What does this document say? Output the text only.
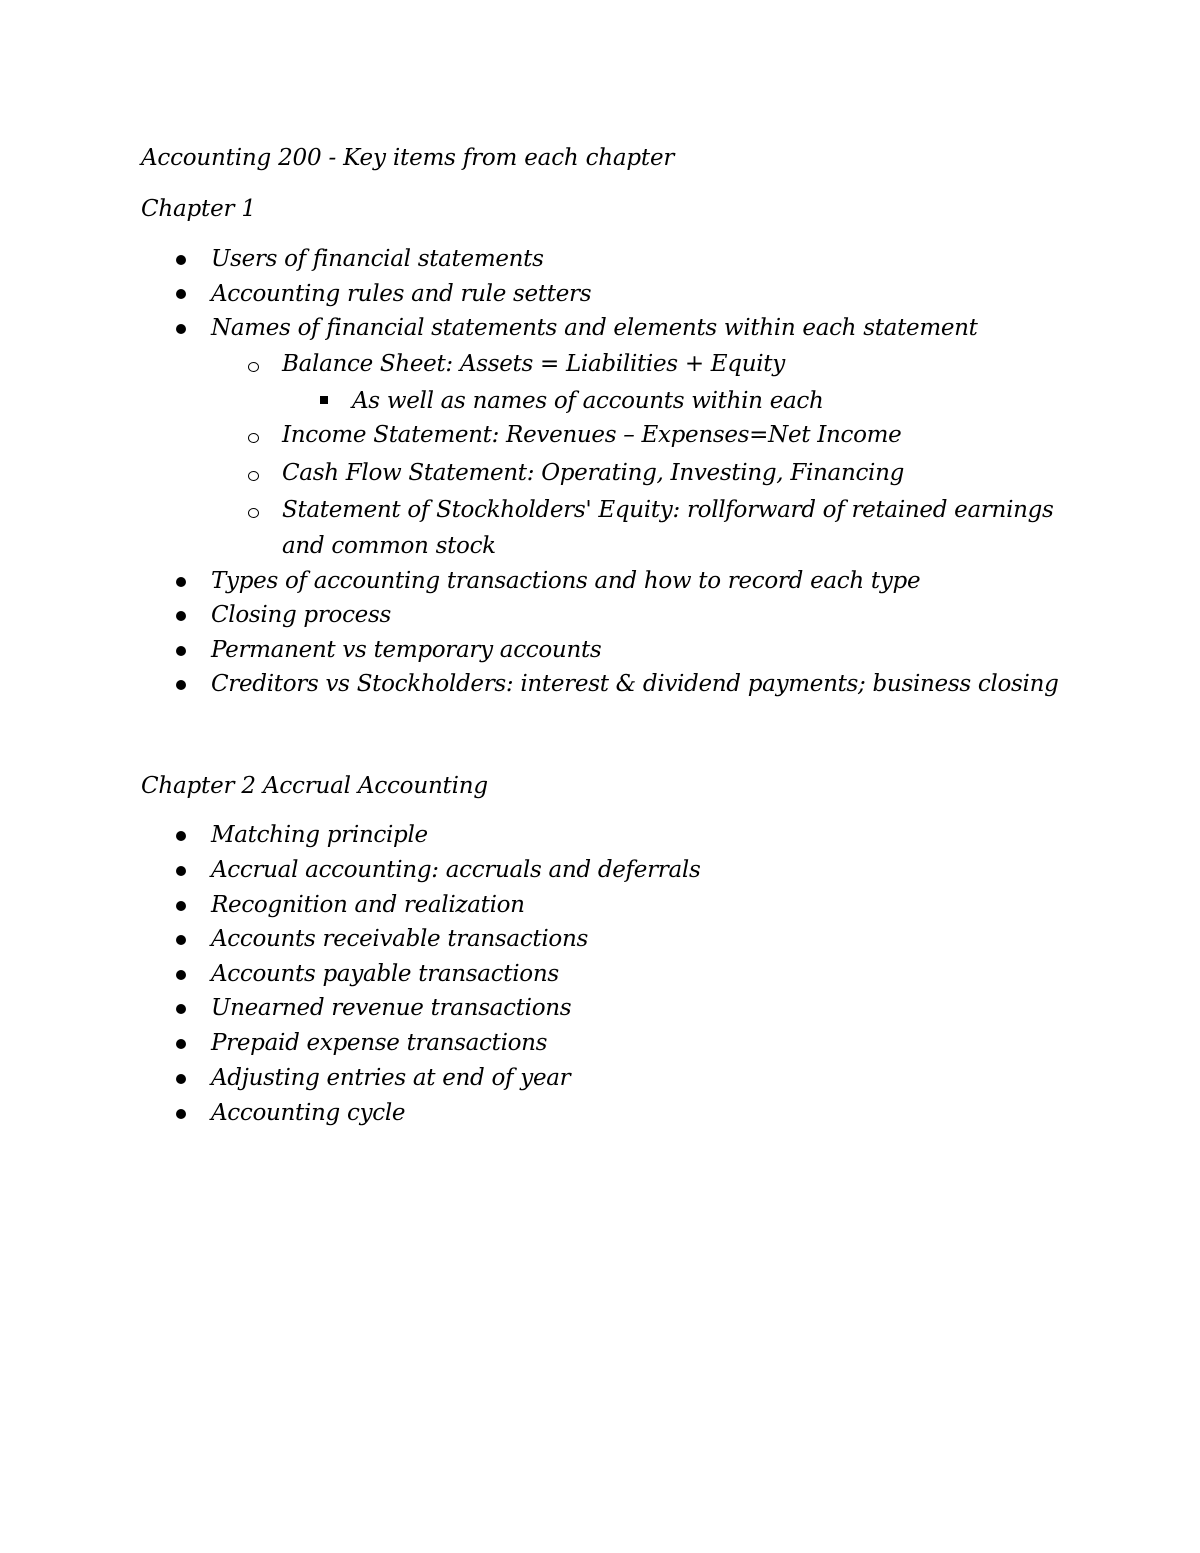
Accounting 200 - Key items from each chapter
Chapter 1
Users of financial statements
Accounting rules and rule setters
Names of financial statements and elements within each statement
Balance Sheet: Assets = Liabilities + Equity
As well as names of accounts within each
Income Statement: Revenues – Expenses=Net Income
Cash Flow Statement: Operating, Investing, Financing
Statement of Stockholders' Equity: rollforward of retained earnings
and common stock
Types of accounting transactions and how to record each type
Closing process
Permanent vs temporary accounts
Creditors vs Stockholders: interest & dividend payments; business closing
Chapter 2 Accrual Accounting
Matching principle
Accrual accounting: accruals and deferrals
Recognition and realization
Accounts receivable transactions
Accounts payable transactions
Unearned revenue transactions
Prepaid expense transactions
Adjusting entries at end of year
Accounting cycle
